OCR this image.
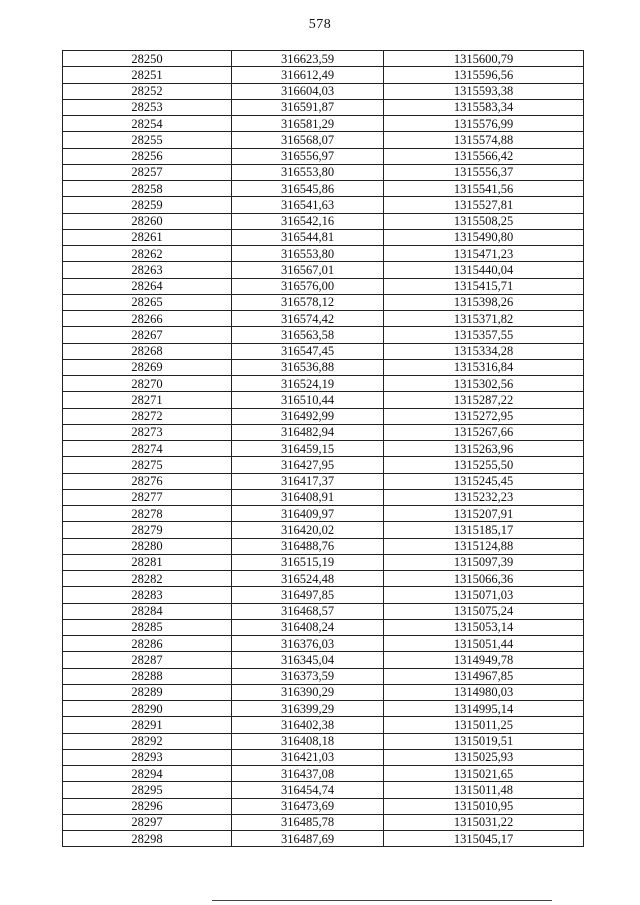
578
28250	316623,59	1315600,79
28251	316612,49	1315596,56
28252	316604,03	1315593,38
28253	316591,87	1315583,34
28254	316581,29	1315576,99
28255	316568,07	1315574,88
28256	316556,97	1315566,42
28257	316553,80	1315556,37
28258	316545,86	1315541,56
28259	316541,63	1315527,81
28260	316542,16	1315508,25
28261	316544,81	1315490,80
28262	316553,80	1315471,23
28263	316567,01	1315440,04
28264	316576,00	1315415,71
28265	316578,12	1315398,26
28266	316574,42	1315371,82
28267	316563,58	1315357,55
28268	316547,45	1315334,28
28269	316536,88	1315316,84
28270	316524,19	1315302,56
28271	316510,44	1315287,22
28272	316492,99	1315272,95
28273	316482,94	1315267,66
28274	316459,15	1315263,96
28275	316427,95	1315255,50
28276	316417,37	1315245,45
28277	316408,91	1315232,23
28278	316409,97	1315207,91
28279	316420,02	1315185,17
28280	316488,76	1315124,88
28281	316515,19	1315097,39
28282	316524,48	1315066,36
28283	316497,85	1315071,03
28284	316468,57	1315075,24
28285	316408,24	1315053,14
28286	316376,03	1315051,44
28287	316345,04	1314949,78
28288	316373,59	1314967,85
28289	316390,29	1314980,03
28290	316399,29	1314995,14
28291	316402,38	1315011,25
28292	316408,18	1315019,51
28293	316421,03	1315025,93
28294	316437,08	1315021,65
28295	316454,74	1315011,48
28296	316473,69	1315010,95
28297	316485,78	1315031,22
28298	316487,69	1315045,17
